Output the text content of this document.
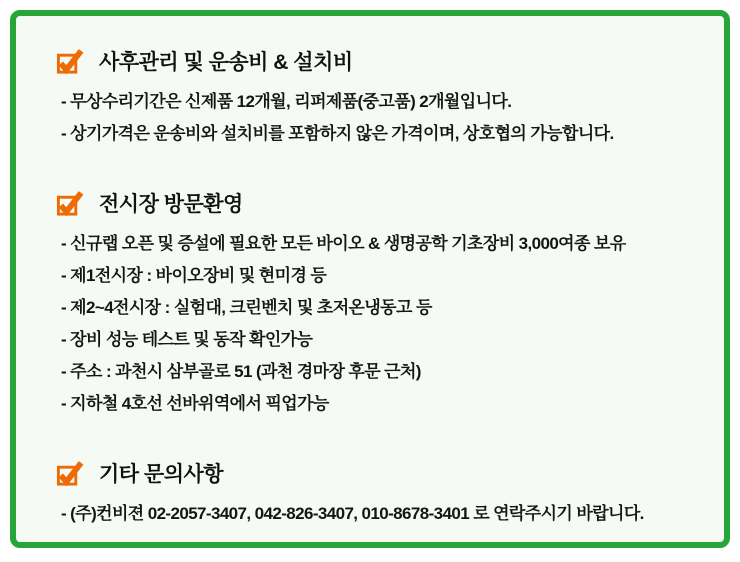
사후관리 및 운송비 & 설치비

- 무상수리기간은 신제품 12개월, 리퍼제품(중고품) 2개월입니다.

- 상기가격은 운송비와 설치비를 포함하지 않은 가격이며, 상호협의 가능합니다.

전시장 방문환영

- 신규랩 오픈 및 증설에 필요한 모든 바이오 & 생명공학 기초장비 3,000여종 보유

- 제1전시장 : 바이오장비 및 현미경 등

- 제2~4전시장 : 실험대, 크린벤치 및 초저온냉동고 등

- 장비 성능 테스트 및 동작 확인가능

- 주소 : 과천시 삼부골로 51 (과천 경마장 후문 근처)

- 지하철 4호선 선바위역에서 픽업가능

기타 문의사항

- (주)컨비젼 02-2057-3407, 042-826-3407, 010-8678-3401 로 연락주시기 바랍니다.
